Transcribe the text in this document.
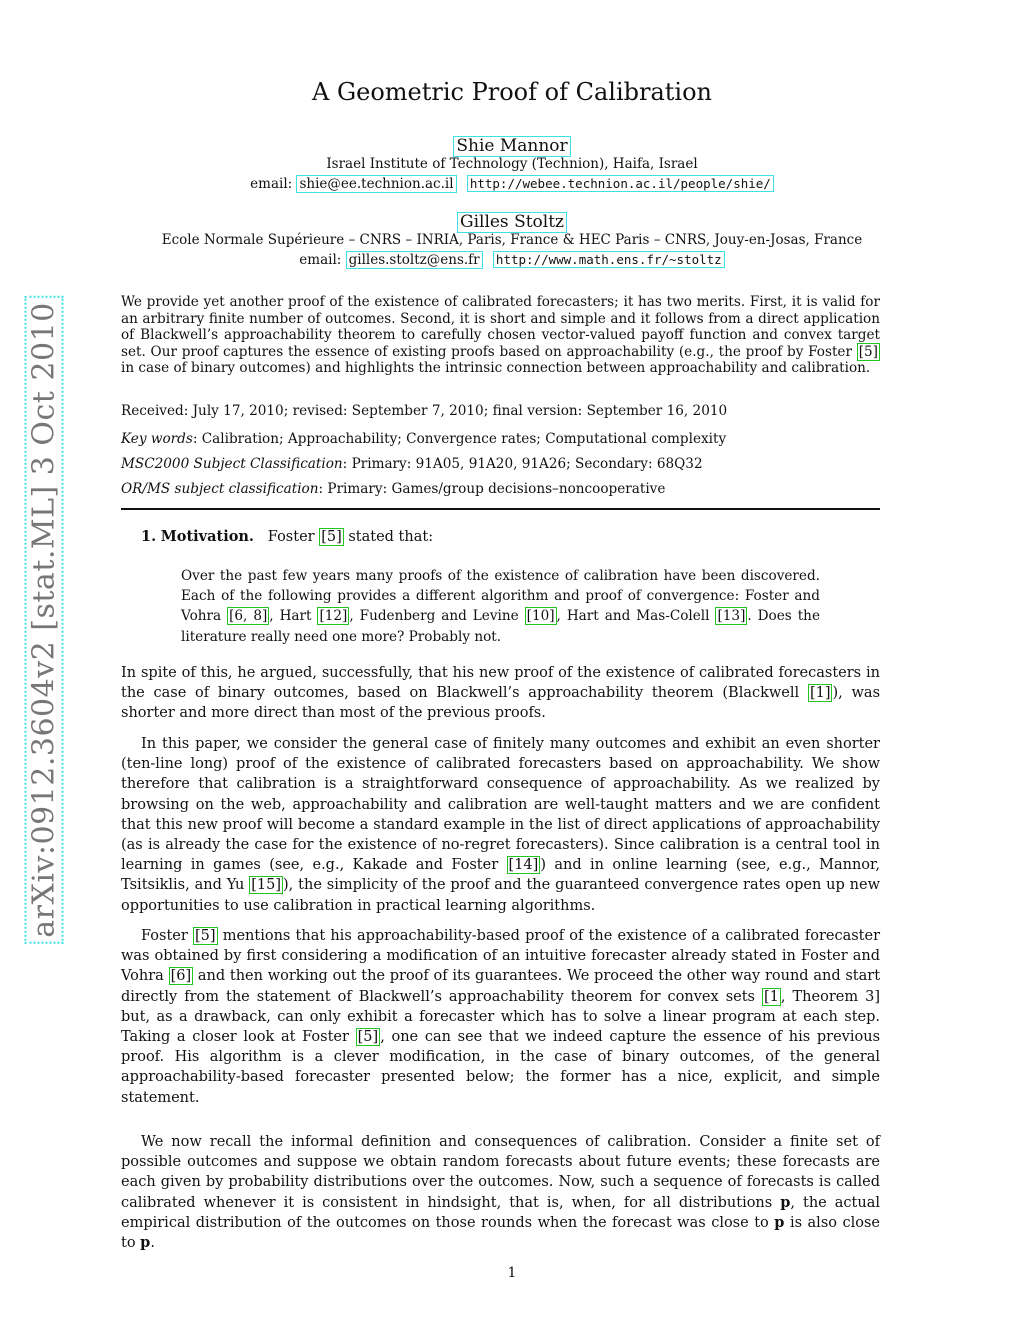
arXiv:0912.3604v2 [stat.ML] 3 Oct 2010
A Geometric Proof of Calibration
Shie Mannor
Israel Institute of Technology (Technion), Haifa, Israel
email: shie@ee.technion.ac.il http://webee.technion.ac.il/people/shie/
Gilles Stoltz
Ecole Normale Supérieure – CNRS – INRIA, Paris, France & HEC Paris – CNRS, Jouy-en-Josas, France
email: gilles.stoltz@ens.fr http://www.math.ens.fr/~stoltz
We provide yet another proof of the existence of calibrated forecasters; it has two merits. First, it is valid for an arbitrary finite number of outcomes. Second, it is short and simple and it follows from a direct application of Blackwell’s approachability theorem to carefully chosen vector-valued payoff function and convex target set. Our proof captures the essence of existing proofs based on approachability (e.g., the proof by Foster [5] in case of binary outcomes) and highlights the intrinsic connection between approachability and calibration.
Received: July 17, 2010; revised: September 7, 2010; final version: September 16, 2010
Key words: Calibration; Approachability; Convergence rates; Computational complexity
MSC2000 Subject Classification: Primary: 91A05, 91A20, 91A26; Secondary: 68Q32
OR/MS subject classification: Primary: Games/group decisions–noncooperative
1. Motivation. Foster [5] stated that:
Over the past few years many proofs of the existence of calibration have been discovered. Each of the following provides a different algorithm and proof of convergence: Foster and Vohra [6, 8] , Hart [12] , Fudenberg and Levine [10] , Hart and Mas-Colell [13] . Does the literature really need one more? Probably not.
In spite of this, he argued, successfully, that his new proof of the existence of calibrated forecasters in the case of binary outcomes, based on Blackwell’s approachability theorem (Blackwell [1] ), was shorter and more direct than most of the previous proofs.
In this paper, we consider the general case of finitely many outcomes and exhibit an even shorter (ten-line long) proof of the existence of calibrated forecasters based on approachability. We show therefore that calibration is a straightforward consequence of approachability. As we realized by browsing on the web, approachability and calibration are well-taught matters and we are confident that this new proof will become a standard example in the list of direct applications of approachability (as is already the case for the existence of no-regret forecasters). Since calibration is a central tool in learning in games (see, e.g., Kakade and Foster [14] ) and in online learning (see, e.g., Mannor, Tsitsiklis, and Yu [15] ), the simplicity of the proof and the guaranteed convergence rates open up new opportunities to use calibration in practical learning algorithms.
Foster [5] mentions that his approachability-based proof of the existence of a calibrated forecaster was obtained by first considering a modification of an intuitive forecaster already stated in Foster and Vohra [6] and then working out the proof of its guarantees. We proceed the other way round and start directly from the statement of Blackwell’s approachability theorem for convex sets [1 , Theorem 3] but, as a drawback, can only exhibit a forecaster which has to solve a linear program at each step. Taking a closer look at Foster [5] , one can see that we indeed capture the essence of his previous proof. His algorithm is a clever modification, in the case of binary outcomes, of the general approachability-based forecaster presented below; the former has a nice, explicit, and simple statement.
We now recall the informal definition and consequences of calibration. Consider a finite set of possible outcomes and suppose we obtain random forecasts about future events; these forecasts are each given by probability distributions over the outcomes. Now, such a sequence of forecasts is called calibrated whenever it is consistent in hindsight, that is, when, for all distributions p, the actual empirical distribution of the outcomes on those rounds when the forecast was close to p is also close to p.
1
